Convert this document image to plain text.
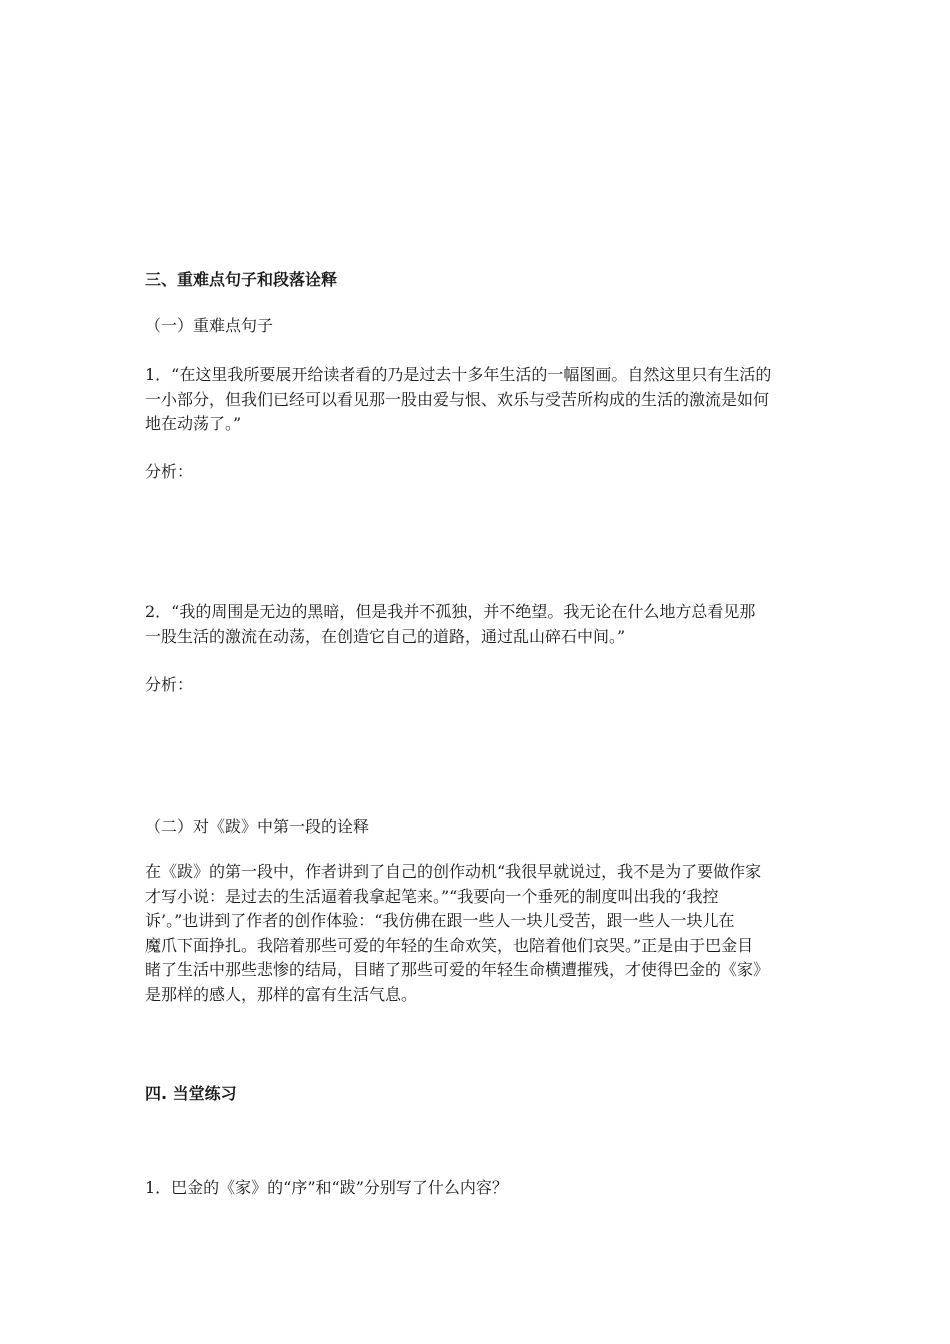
三、重难点句子和段落诠释
（一）重难点句子
1．“在这里我所要展开给读者看的乃是过去十多年生活的一幅图画。自然这里只有生活的
一小部分，但我们已经可以看见那一股由爱与恨、欢乐与受苦所构成的生活的激流是如何
地在动荡了。”
分析：
2．“我的周围是无边的黑暗，但是我并不孤独，并不绝望。我无论在什么地方总看见那
一股生活的激流在动荡，在创造它自己的道路，通过乱山碎石中间。”
分析：
（二）对《跋》中第一段的诠释
在《跋》的第一段中，作者讲到了自己的创作动机“我很早就说过，我不是为了要做作家
才写小说：是过去的生活逼着我拿起笔来。”“我要向一个垂死的制度叫出我的‘我控
诉’。”也讲到了作者的创作体验：“我仿佛在跟一些人一块儿受苦，跟一些人一块儿在
魔爪下面挣扎。我陪着那些可爱的年轻的生命欢笑，也陪着他们哀哭。”正是由于巴金目
睹了生活中那些悲惨的结局，目睹了那些可爱的年轻生命横遭摧残，才使得巴金的《家》
是那样的感人，那样的富有生活气息。
四. 当堂练习
1．巴金的《家》的“序”和“跋”分别写了什么内容？
